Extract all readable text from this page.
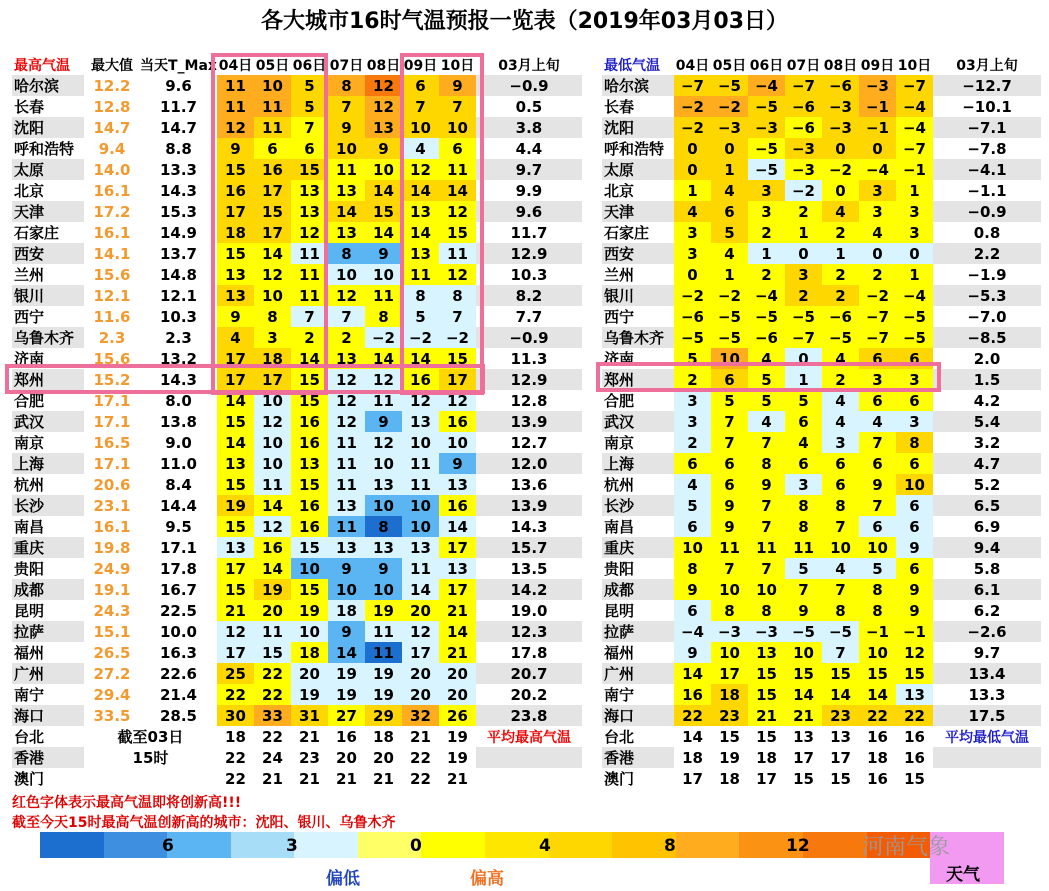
各大城市16时气温预报一览表（2019年03月03日）
最高气温	最大值	当天T_Max	04日	05日	06日	07日	08日	09日	10日	03月上旬
哈尔滨	12.2	9.6	11	10	5	8	12	6	9	−0.9
长春	12.8	11.7	11	11	5	7	12	7	7	0.5
沈阳	14.7	14.7	12	11	7	9	13	10	10	3.8
呼和浩特	9.4	8.8	9	6	6	10	9	4	6	4.4
太原	14.0	13.3	15	16	15	11	10	12	11	9.7
北京	16.1	14.3	16	17	13	13	14	14	14	9.9
天津	17.2	15.3	17	15	13	14	15	13	12	9.6
石家庄	16.1	14.9	18	17	12	13	14	14	15	11.7
西安	14.1	13.7	15	14	11	8	9	13	11	12.9
兰州	15.6	14.8	13	12	11	10	10	11	12	10.3
银川	12.1	12.1	13	10	11	12	11	8	8	8.2
西宁	11.6	10.3	9	8	7	7	8	5	7	7.7
乌鲁木齐	2.3	2.3	4	3	2	2	−2	−2	−2	−0.9
济南	15.6	13.2	17	18	14	13	14	14	15	11.3
郑州	15.2	14.3	17	17	15	12	12	16	17	12.9
合肥	17.1	8.0	14	10	15	12	11	12	12	12.8
武汉	17.1	13.8	15	12	16	12	9	13	16	13.9
南京	16.5	9.0	14	10	16	11	12	10	10	12.7
上海	17.1	11.0	13	10	13	11	10	11	9	12.0
杭州	20.6	8.4	15	11	15	11	13	11	13	13.6
长沙	23.1	14.4	19	14	16	13	10	10	16	13.9
南昌	16.1	9.5	15	12	16	11	8	10	14	14.3
重庆	19.8	17.1	13	16	15	13	13	13	17	15.7
贵阳	24.9	17.8	17	14	10	9	9	11	13	13.5
成都	19.1	16.7	15	19	15	10	10	14	17	14.2
昆明	24.3	22.5	21	20	19	18	19	20	21	19.0
拉萨	15.1	10.0	12	11	10	9	11	12	14	12.3
福州	26.5	16.3	17	15	18	14	11	17	21	17.8
广州	27.2	22.6	25	22	20	19	19	20	20	20.7
南宁	29.4	21.4	22	22	19	19	19	20	20	20.2
海口	33.5	28.5	30	33	31	27	29	32	26	23.8
台北	截至03日		18	22	21	16	18	21	19	平均最高气温
香港	15时		22	24	23	20	20	22	19	
澳门			22	21	21	21	21	22	21	
最低气温	04日	05日	06日	07日	08日	09日	10日	03月上旬
哈尔滨	−7	−5	−4	−7	−6	−3	−7	−12.7
长春	−2	−2	−5	−6	−3	−1	−4	−10.1
沈阳	−2	−3	−3	−6	−3	−1	−4	−7.1
呼和浩特	0	0	−5	−3	0	0	−7	−7.8
太原	0	1	−5	−3	−2	−4	−1	−4.1
北京	1	4	3	−2	0	3	1	−1.1
天津	4	6	3	2	4	3	3	−0.9
石家庄	3	5	2	1	2	4	3	0.8
西安	3	4	1	0	1	0	0	2.2
兰州	0	1	2	3	2	2	1	−1.9
银川	−2	−2	−4	2	2	−2	−4	−5.3
西宁	−6	−5	−5	−5	−6	−7	−5	−7.0
乌鲁木齐	−5	−5	−6	−7	−5	−7	−5	−8.5
济南	5	10	4	0	4	6	6	2.0
郑州	2	6	5	1	2	3	3	1.5
合肥	3	5	5	5	4	6	6	4.2
武汉	3	7	4	6	4	4	3	5.4
南京	2	7	7	4	3	7	8	3.2
上海	6	6	8	6	6	6	6	4.7
杭州	4	6	9	3	6	9	10	5.2
长沙	5	9	7	8	8	7	6	6.5
南昌	6	9	7	8	7	6	6	6.9
重庆	10	11	11	11	10	10	9	9.4
贵阳	8	7	7	5	4	5	6	5.8
成都	9	10	10	7	7	8	9	6.1
昆明	6	8	8	9	8	8	9	6.2
拉萨	−4	−3	−3	−5	−5	−1	−1	−2.6
福州	9	10	13	10	7	10	12	9.7
广州	14	17	15	15	15	15	15	13.4
南宁	16	18	15	14	14	14	13	13.3
海口	22	23	21	21	23	22	22	17.5
台北	14	15	15	13	13	16	16	平均最低气温
香港	18	19	18	17	17	18	16	
澳门	17	18	17	15	15	16	15	
红色字体表示最高气温即将创新高!!!
截至今天15时最高气温创新高的城市：沈阳、银川、乌鲁木齐
6	3	0	4	8	12
偏低	偏高	天气
河南气象
